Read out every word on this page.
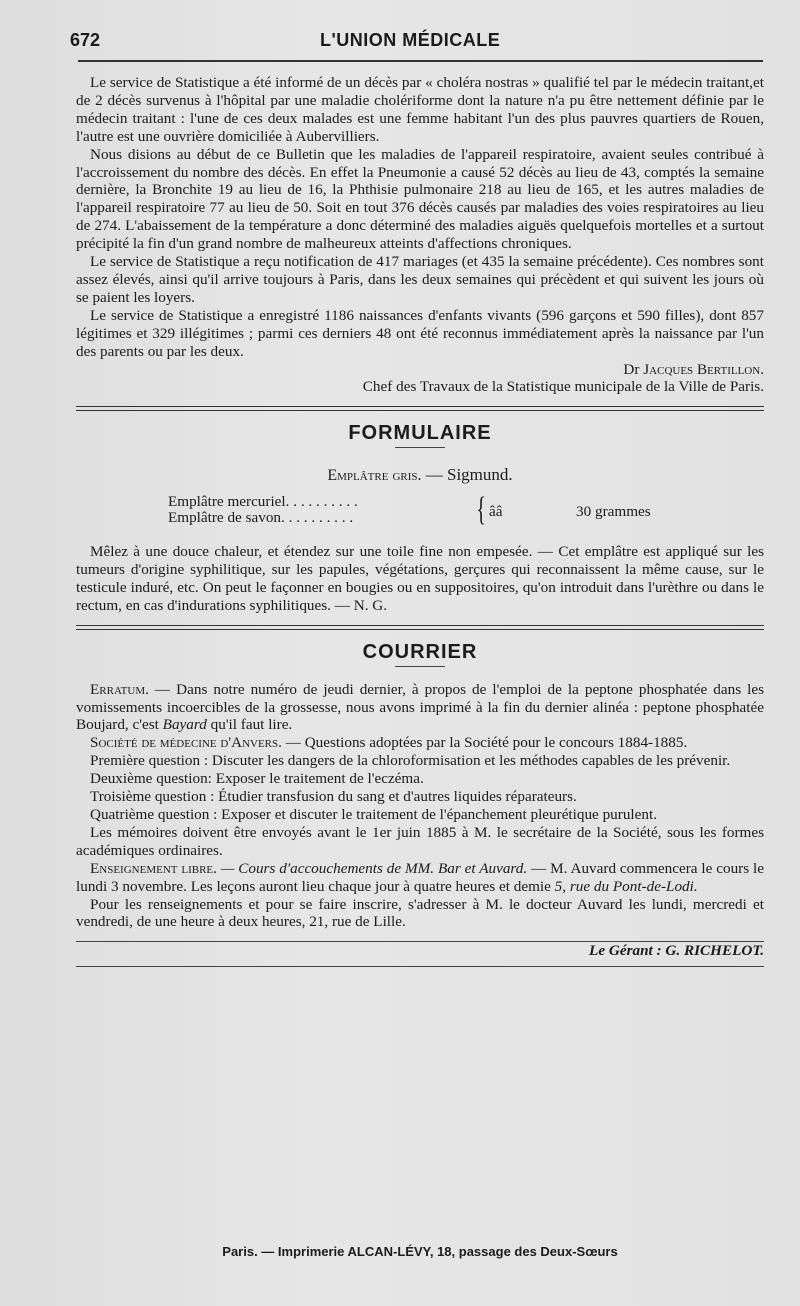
672	L'UNION MÉDICALE

Le service de Statistique a été informé de un décès par « choléra nostras » qualifié tel par le médecin traitant,et de 2 décès survenus à l'hôpital par une maladie cholériforme dont la nature n'a pu être nettement définie par le médecin traitant : l'une de ces deux malades est une femme habitant l'un des plus pauvres quartiers de Rouen, l'autre est une ouvrière domiciliée à Aubervilliers.

Nous disions au début de ce Bulletin que les maladies de l'appareil respiratoire, avaient seules contribué à l'accroissement du nombre des décès. En effet la Pneumonie a causé 52 décès au lieu de 43, comptés la semaine dernière, la Bronchite 19 au lieu de 16, la Phthisie pulmonaire 218 au lieu de 165, et les autres maladies de l'appareil respiratoire 77 au lieu de 50. Soit en tout 376 décès causés par maladies des voies respiratoires au lieu de 274. L'abaissement de la température a donc déterminé des maladies aiguës quelquefois mortelles et a surtout précipité la fin d'un grand nombre de malheureux atteints d'affections chroniques.

Le service de Statistique a reçu notification de 417 mariages (et 435 la semaine précédente). Ces nombres sont assez élevés, ainsi qu'il arrive toujours à Paris, dans les deux semaines qui précèdent et qui suivent les jours où se paient les loyers.

Le service de Statistique a enregistré 1186 naissances d'enfants vivants (596 garçons et 590 filles), dont 857 légitimes et 329 illégitimes ; parmi ces derniers 48 ont été reconnus immédiatement après la naissance par l'un des parents ou par les deux.

Dr Jacques Bertillon.

Chef des Travaux de la Statistique municipale de la Ville de Paris.

FORMULAIRE
Emplâtre gris. — Sigmund.
Emplâtre mercuriel. . . . . . . . . .
Emplâtre de savon. . . . . . . . . .	{ ââ	30 grammes

Mêlez à une douce chaleur, et étendez sur une toile fine non empesée. — Cet emplâtre est appliqué sur les tumeurs d'origine syphilitique, sur les papules, végétations, gerçures qui reconnaissent la même cause, sur le testicule induré, etc. On peut le façonner en bougies ou en suppositoires, qu'on introduit dans l'urèthre ou dans le rectum, en cas d'indurations syphilitiques. — N. G.

COURRIER

Erratum. — Dans notre numéro de jeudi dernier, à propos de l'emploi de la peptone phosphatée dans les vomissements incoercibles de la grossesse, nous avons imprimé à la fin du dernier alinéa : peptone phosphatée Boujard, c'est Bayard qu'il faut lire.

Société de médecine d'Anvers. — Questions adoptées par la Société pour le concours 1884-1885.

Première question : Discuter les dangers de la chloroformisation et les méthodes capables de les prévenir.

Deuxième question: Exposer le traitement de l'eczéma.

Troisième question : Étudier transfusion du sang et d'autres liquides réparateurs.

Quatrième question : Exposer et discuter le traitement de l'épanchement pleurétique purulent.

Les mémoires doivent être envoyés avant le 1er juin 1885 à M. le secrétaire de la Société, sous les formes académiques ordinaires.

Enseignement libre. — Cours d'accouchements de MM. Bar et Auvard. — M. Auvard commencera le cours le lundi 3 novembre. Les leçons auront lieu chaque jour à quatre heures et demie 5, rue du Pont-de-Lodi.

Pour les renseignements et pour se faire inscrire, s'adresser à M. le docteur Auvard les lundi, mercredi et vendredi, de une heure à deux heures, 21, rue de Lille.

Le Gérant : G. RICHELOT.

Paris. — Imprimerie ALCAN-LÉVY, 18, passage des Deux-Sœurs
